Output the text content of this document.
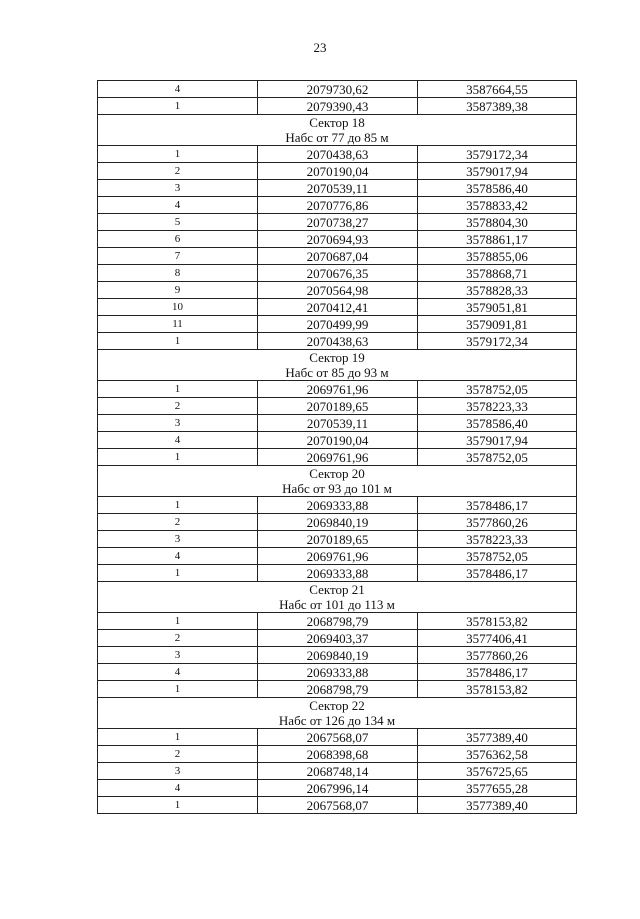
23
4	2079730,62	3587664,55
1	2079390,43	3587389,38

Сектор 18
Набс от 77 до 85 м		

1	2070438,63	3579172,34
2	2070190,04	3579017,94
3	2070539,11	3578586,40
4	2070776,86	3578833,42
5	2070738,27	3578804,30
6	2070694,93	3578861,17
7	2070687,04	3578855,06
8	2070676,35	3578868,71
9	2070564,98	3578828,33
10	2070412,41	3579051,81
11	2070499,99	3579091,81
1	2070438,63	3579172,34

Сектор 19
Набс от 85 до 93 м		

1	2069761,96	3578752,05
2	2070189,65	3578223,33
3	2070539,11	3578586,40
4	2070190,04	3579017,94
1	2069761,96	3578752,05

Сектор 20
Набс от 93 до 101 м		

1	2069333,88	3578486,17
2	2069840,19	3577860,26
3	2070189,65	3578223,33
4	2069761,96	3578752,05
1	2069333,88	3578486,17

Сектор 21
Набс от 101 до 113 м		

1	2068798,79	3578153,82
2	2069403,37	3577406,41
3	2069840,19	3577860,26
4	2069333,88	3578486,17
1	2068798,79	3578153,82

Сектор 22
Набс от 126 до 134 м		

1	2067568,07	3577389,40
2	2068398,68	3576362,58
3	2068748,14	3576725,65
4	2067996,14	3577655,28
1	2067568,07	3577389,40
